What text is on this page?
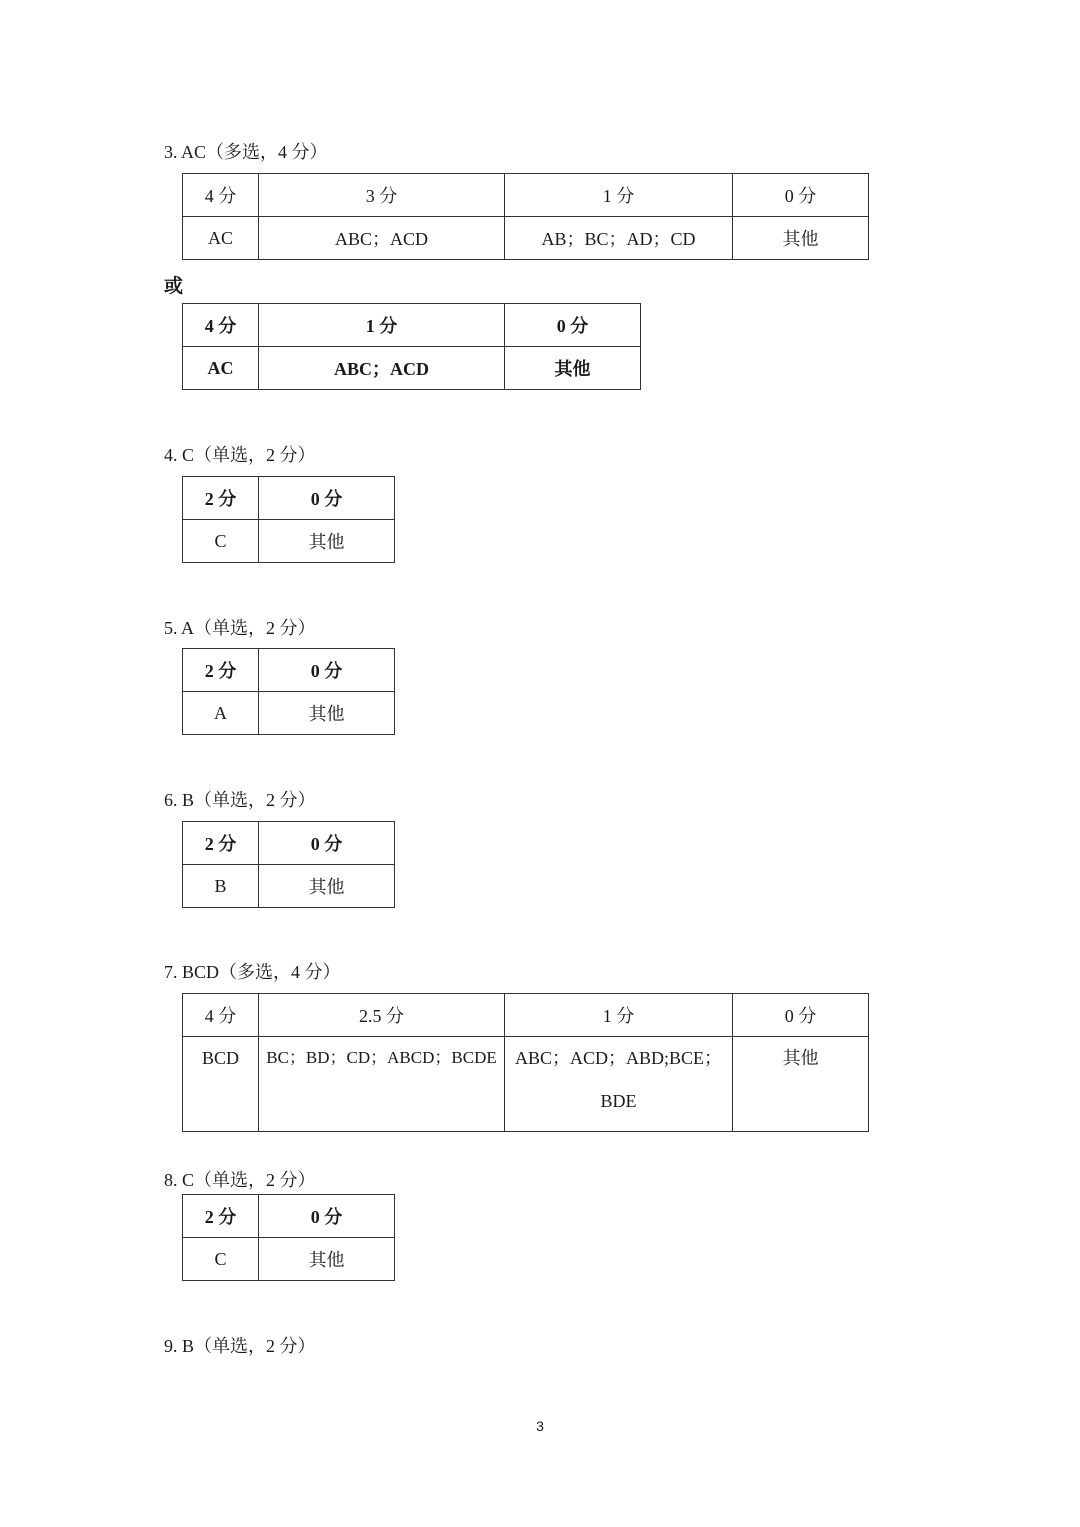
3. AC（多选，4 分）
4 分	3 分	1 分	0 分
AC	ABC；ACD	AB；BC；AD；CD	其他
或
4 分	1 分	0 分
AC	ABC；ACD	其他
4. C（单选，2 分）
2 分	0 分
C	其他
5. A（单选，2 分）
2 分	0 分
A	其他
6. B（单选，2 分）
2 分	0 分
B	其他
7. BCD（多选，4 分）
4 分	2.5 分	1 分	0 分
BCD	BC；BD；CD；ABCD；BCDE	ABC；ACD；ABD;BCE；BDE	其他
8. C（单选，2 分）
2 分	0 分
C	其他
9. B（单选，2 分）
3
